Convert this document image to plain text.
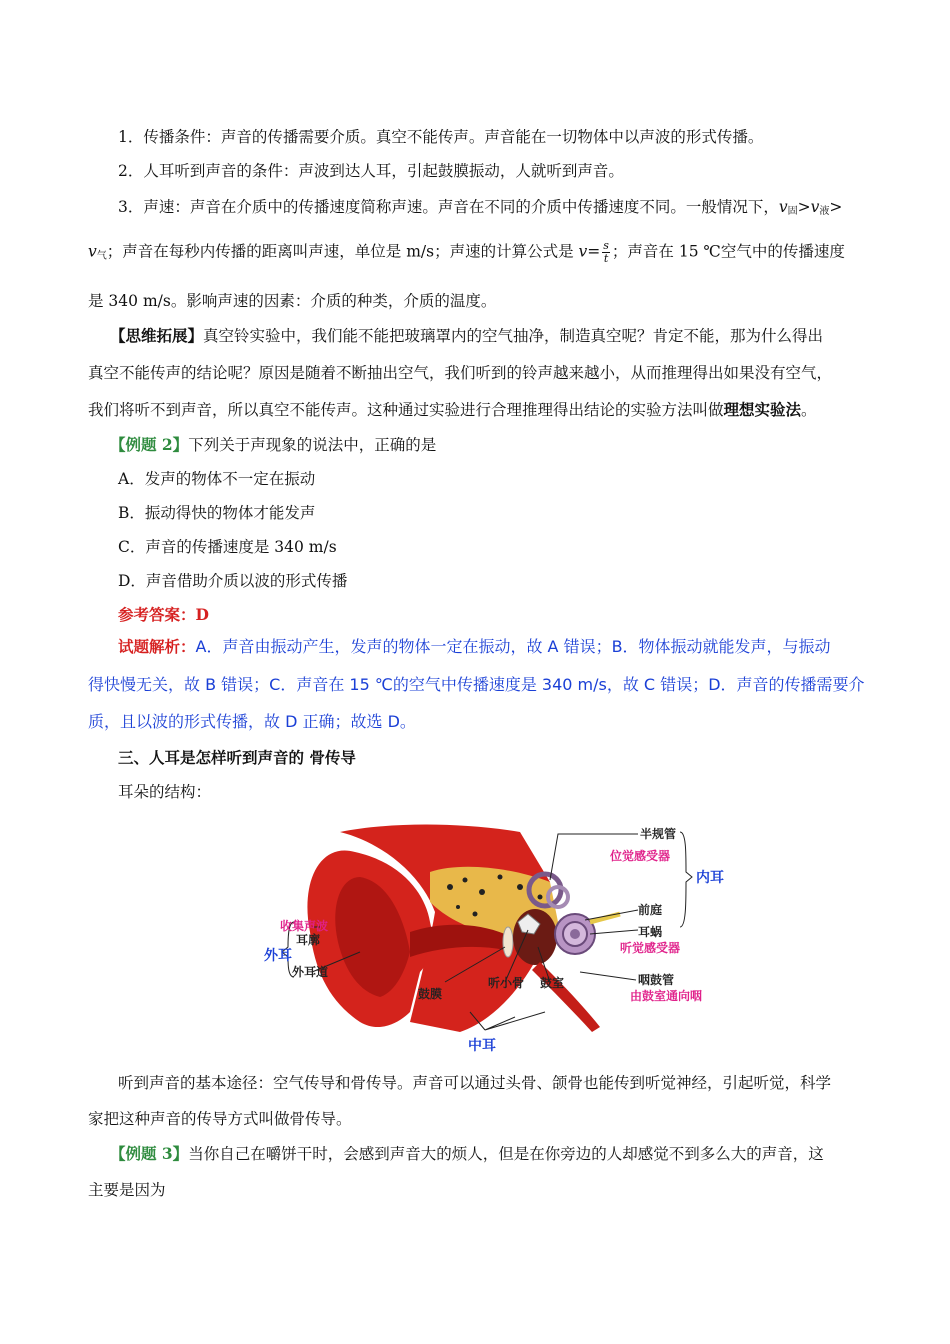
1．传播条件：声音的传播需要介质。真空不能传声。声音能在一切物体中以声波的形式传播。
2．人耳听到声音的条件：声波到达人耳，引起鼓膜振动，人就听到声音。
3．声速：声音在介质中的传播速度简称声速。声音在不同的介质中传播速度不同。一般情况下，$v_固>v_液>$
$v_气$；声音在每秒内传播的距离叫声速，单位是 m/s；声速的计算公式是 $v= \frac{s}{t}$ ；声音在 15 ℃空气中的传播速度
是 340 m/s。影响声速的因素：介质的种类，介质的温度。
【思维拓展】真空铃实验中，我们能不能把玻璃罩内的空气抽净，制造真空呢？肯定不能，那为什么得出
真空不能传声的结论呢？原因是随着不断抽出空气，我们听到的铃声越来越小，从而推理得出如果没有空气，
我们将听不到声音，所以真空不能传声。这种通过实验进行合理推理得出结论的实验方法叫做理想实验法。
【例题 2】下列关于声现象的说法中，正确的是
A．发声的物体不一定在振动
B．振动得快的物体才能发声
C．声音的传播速度是 340 m/s
D．声音借助介质以波的形式传播
参考答案：D
试题解析：A．声音由振动产生，发声的物体一定在振动，故 A 错误；B．物体振动就能发声，与振动
得快慢无关，故 B 错误；C．声音在 15 ℃的空气中传播速度是 340 m/s，故 C 错误；D．声音的传播需要介
质，且以波的形式传播，故 D 正确；故选 D。
三、人耳是怎样听到声音的 骨传导
耳朵的结构：
半规管
位觉感受器
内耳
前庭
耳蜗
听觉感受器
咽鼓管
由鼓室通向咽
收集声波
耳廓
外耳道
外耳
鼓膜
听小骨 鼓室
中耳
听到声音的基本途径：空气传导和骨传导。声音可以通过头骨、颌骨也能传到听觉神经，引起听觉，科学
家把这种声音的传导方式叫做骨传导。
【例题 3】当你自己在嚼饼干时，会感到声音大的烦人，但是在你旁边的人却感觉不到多么大的声音，这
主要是因为
